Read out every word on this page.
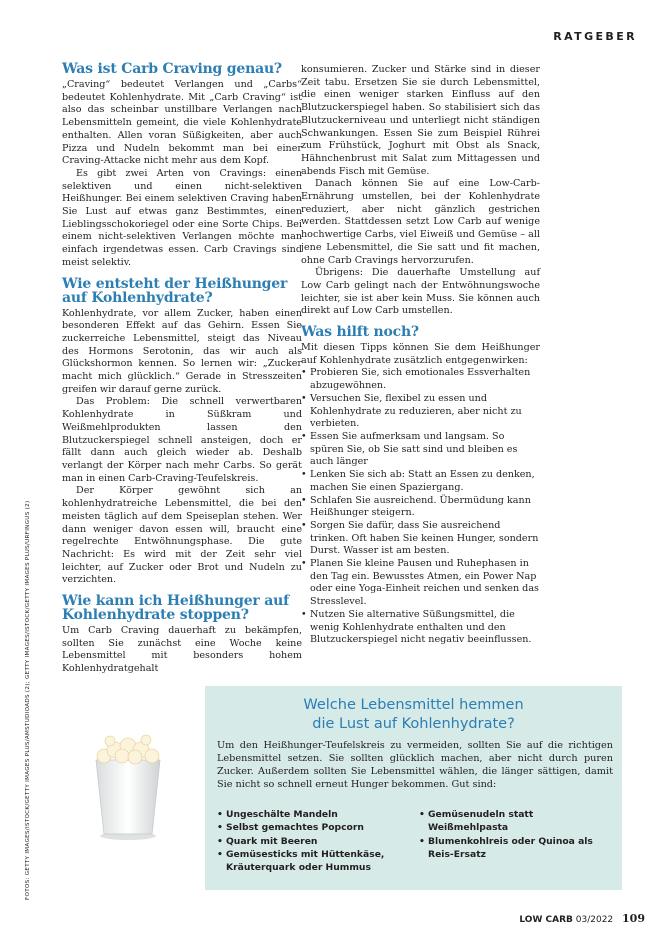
RATGEBER
Was ist Carb Craving genau?

„Craving“ bedeutet Verlangen und „Carbs“ bedeutet Kohlenhydrate. Mit „Carb Craving“ ist also das scheinbar unstillbare Verlangen nach Lebensmitteln gemeint, die viele Kohlenhydrate enthalten. Allen voran Süßigkeiten, aber auch Pizza und Nudeln bekommt man bei einer Craving-Attacke nicht mehr aus dem Kopf.

Es gibt zwei Arten von Cravings: einen selektiven und einen nicht-selektiven Heißhunger. Bei einem selektiven Craving haben Sie Lust auf etwas ganz Bestimmtes, einen Lieblingsschokoriegel oder eine Sorte Chips. Bei einem nicht-selektiven Verlangen möchte man einfach irgendetwas essen. Carb Cravings sind meist selektiv.

Wie entsteht der Heißhunger auf Kohlenhydrate?

Kohlenhydrate, vor allem Zucker, haben einen besonderen Effekt auf das Gehirn. Essen Sie zuckerreiche Lebensmittel, steigt das Niveau des Hormons Serotonin, das wir auch als Glückshormon kennen. So lernen wir: „Zucker macht mich glücklich.“ Gerade in Stresszeiten greifen wir darauf gerne zurück.

Das Problem: Die schnell verwertbaren Kohlenhydrate in Süßkram und Weißmehlprodukten lassen den Blutzuckerspiegel schnell ansteigen, doch er fällt dann auch gleich wieder ab. Deshalb verlangt der Körper nach mehr Carbs. So gerät man in einen Carb-Craving-Teufelskreis.

Der Körper gewöhnt sich an kohlenhydratreiche Lebensmittel, die bei den meisten täglich auf dem Speiseplan stehen. Wer dann weniger davon essen will, braucht eine regelrechte Entwöhnungsphase. Die gute Nachricht: Es wird mit der Zeit sehr viel leichter, auf Zucker oder Brot und Nudeln zu verzichten.

Wie kann ich Heißhunger auf Kohlenhydrate stoppen?

Um Carb Craving dauerhaft zu bekämpfen, sollten Sie zunächst eine Woche keine Lebensmittel mit besonders hohem Kohlenhydratgehalt

konsumieren. Zucker und Stärke sind in dieser Zeit tabu. Ersetzen Sie sie durch Lebensmittel, die einen weniger starken Einfluss auf den Blutzuckerspiegel haben. So stabilisiert sich das Blutzuckerniveau und unterliegt nicht ständigen Schwankungen. Essen Sie zum Beispiel Rührei zum Frühstück, Joghurt mit Obst als Snack, Hähnchenbrust mit Salat zum Mittagessen und abends Fisch mit Gemüse.

Danach können Sie auf eine Low-Carb-Ernährung umstellen, bei der Kohlenhydrate reduziert, aber nicht gänzlich gestrichen werden. Stattdessen setzt Low Carb auf wenige hochwertige Carbs, viel Eiweiß und Gemüse – all jene Lebensmittel, die Sie satt und fit machen, ohne Carb Cravings hervorzurufen.

Übrigens: Die dauerhafte Umstellung auf Low Carb gelingt nach der Entwöhnungswoche leichter, sie ist aber kein Muss. Sie können auch direkt auf Low Carb umstellen.

Was hilft noch?

Mit diesen Tipps können Sie dem Heißhunger auf Kohlenhydrate zusätzlich entgegenwirken:

• Probieren Sie, sich emotionales Essverhalten abzugewöhnen.
• Versuchen Sie, flexibel zu essen und Kohlenhydrate zu reduzieren, aber nicht zu verbieten.
• Essen Sie aufmerksam und langsam. So spüren Sie, ob Sie satt sind und bleiben es auch länger
• Lenken Sie sich ab: Statt an Essen zu denken, machen Sie einen Spaziergang.
• Schlafen Sie ausreichend. Übermüdung kann Heißhunger steigern.
• Sorgen Sie dafür, dass Sie ausreichend trinken. Oft haben Sie keinen Hunger, sondern Durst. Wasser ist am besten.
• Planen Sie kleine Pausen und Ruhephasen in den Tag ein. Bewusstes Atmen, ein Power Nap oder eine Yoga-Einheit reichen und senken das Stresslevel.
• Nutzen Sie alternative Süßungsmittel, die wenig Kohlenhydrate enthalten und den Blutzuckerspiegel nicht negativ beeinflussen.
Welche Lebensmittel hemmen
die Lust auf Kohlenhydrate?

Um den Heißhunger-Teufelskreis zu vermeiden, sollten Sie auf die richtigen Lebensmittel setzen. Sie sollten glücklich machen, aber nicht durch puren Zucker. Außerdem sollten Sie Lebensmittel wählen, die länger sättigen, damit Sie nicht so schnell erneut Hunger bekommen. Gut sind:

• Ungeschälte Mandeln
• Selbst gemachtes Popcorn
• Quark mit Beeren
• Gemüsesticks mit Hüttenkäse, Kräuterquark oder Hummus
• Gemüsenudeln statt Weißmehlpasta
• Blumenkohlreis oder Quinoa als Reis-Ersatz
FOTOS: GETTY IMAGES/ISTOCK/GETTY IMAGES PLUS/AMSTUDIOADS (2); GETTY IMAGES/ISTOCK/GETTY IMAGES PLUS/URFINGUS (2)
LOW CARB 03/2022 109
